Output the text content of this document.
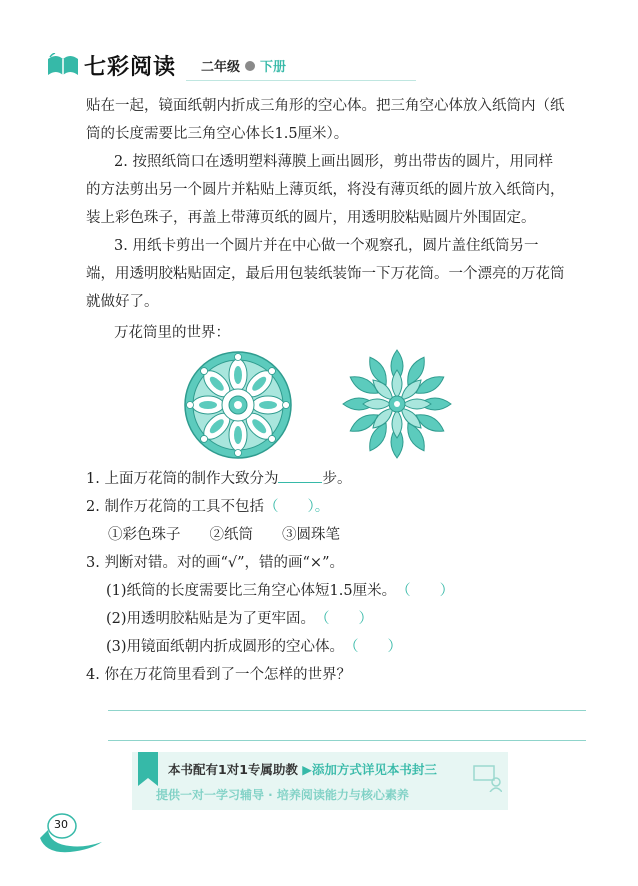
七彩阅读 二年级 下册
贴在一起，镜面纸朝内折成三角形的空心体。把三角空心体放入纸筒内（纸
筒的长度需要比三角空心体长1.5厘米）。
2. 按照纸筒口在透明塑料薄膜上画出圆形，剪出带齿的圆片，用同样
的方法剪出另一个圆片并粘贴上薄页纸，将没有薄页纸的圆片放入纸筒内，
装上彩色珠子，再盖上带薄页纸的圆片，用透明胶粘贴圆片外围固定。
3. 用纸卡剪出一个圆片并在中心做一个观察孔，圆片盖住纸筒另一
端，用透明胶粘贴固定，最后用包装纸装饰一下万花筒。一个漂亮的万花筒
就做好了。
万花筒里的世界：
1. 上面万花筒的制作大致分为	步。
2. 制作万花筒的工具不包括（　　）。
①彩色珠子　　②纸筒　　③圆珠笔
3. 判断对错。对的画“√”，错的画“×”。
(1)纸筒的长度需要比三角空心体短1.5厘米。（　　）
(2)用透明胶粘贴是为了更牢固。（　　）
(3)用镜面纸朝内折成圆形的空心体。（　　）
4. 你在万花筒里看到了一个怎样的世界？
本书配有1对1专属助教 ▶添加方式详见本书封三
提供一对一学习辅导 · 培养阅读能力与核心素养
30
